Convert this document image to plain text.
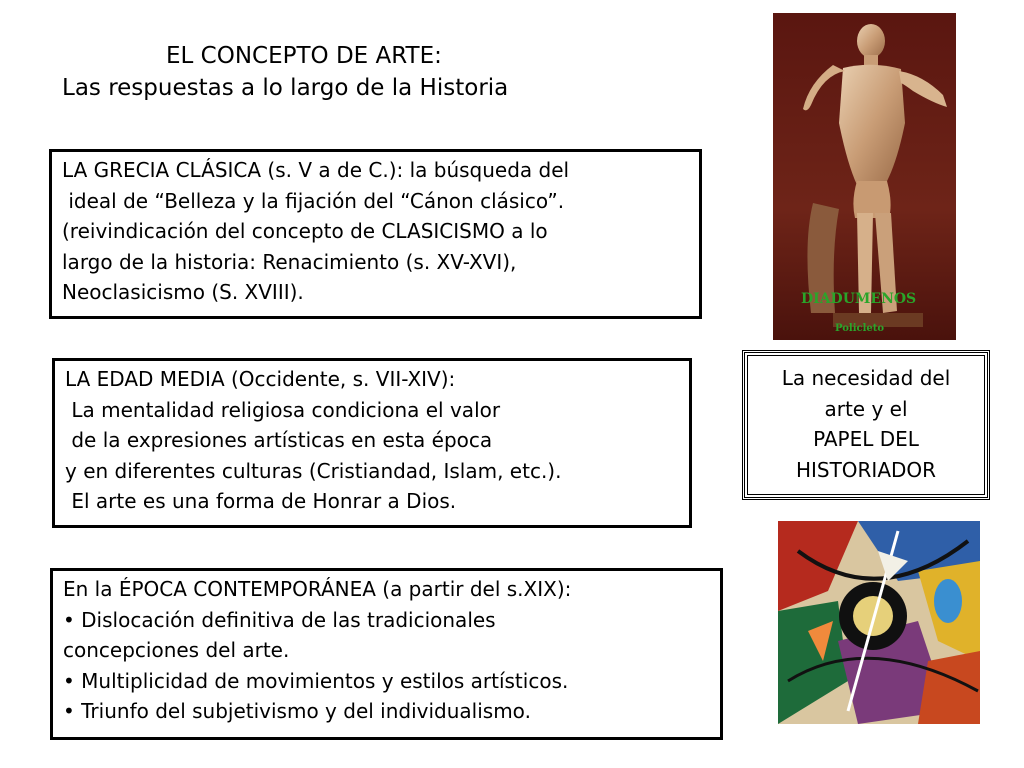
EL CONCEPTO DE ARTE:
Las respuestas a lo largo de la Historia
LA GRECIA CLÁSICA (s. V a de C.): la búsqueda del
ideal de “Belleza y la fijación del “Cánon clásico”.
(reivindicación del concepto de CLASICISMO a lo
largo de la historia: Renacimiento (s. XV-XVI),
Neoclasicismo (S. XVIII).
LA EDAD MEDIA (Occidente, s. VII-XIV):
La mentalidad religiosa condiciona el valor
de la expresiones artísticas en esta época
y en diferentes culturas (Cristiandad, Islam, etc.).
El arte es una forma de Honrar a Dios.
En la ÉPOCA CONTEMPORÁNEA (a partir del s.XIX):
• Dislocación definitiva de las tradicionales
concepciones del arte.
• Multiplicidad de movimientos y estilos artísticos.
• Triunfo del subjetivismo y del individualismo.
La necesidad del
arte y el
PAPEL DEL
HISTORIADOR
DIADUMENOS
Policleto
